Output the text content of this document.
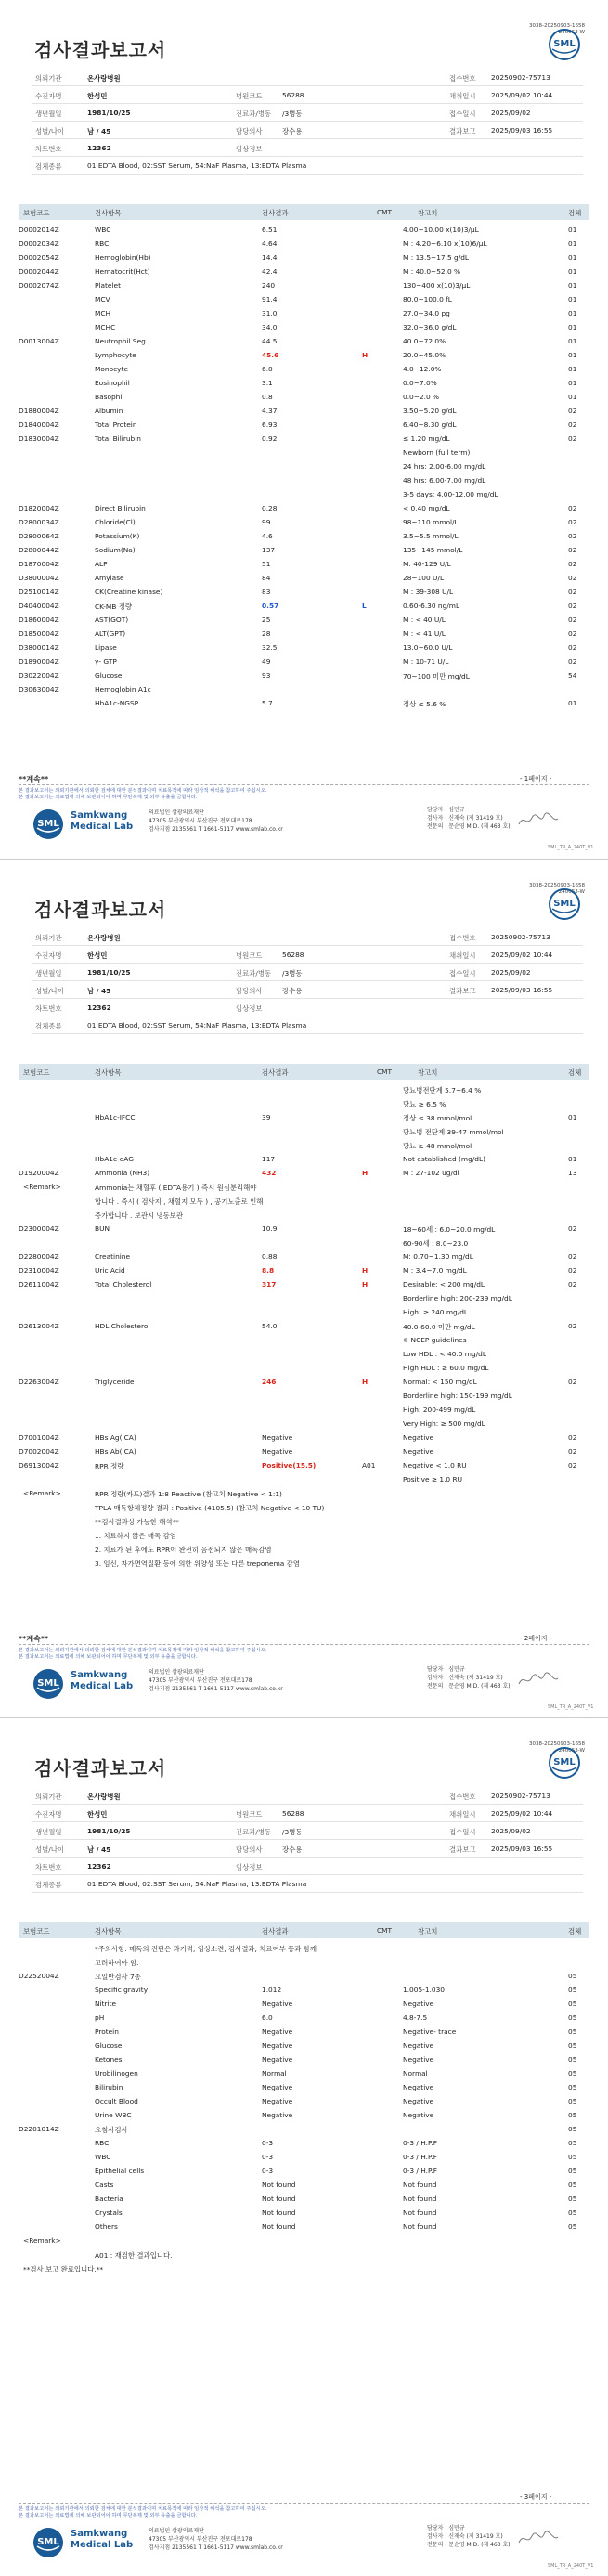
3038-20250903-1658
240053-W
SML
검사결과보고서
의뢰기관	온사랑병원	접수번호 20250902-75713
수진자명	한성민	병원코드	56288	채취일시 2025/09/02 10:44
생년월일	1981/10/25	진료과/병동 /3병동	접수일시 2025/09/02
성별/나이	남 / 45	담당의사	장수용	결과보고 2025/09/03 16:55
차트번호	12362	임상정보
검체종류	01:EDTA Blood, 02:SST Serum, 54:NaF Plasma, 13:EDTA Plasma
보험코드	검사항목	검사결과	CMT	참고치	검체
D0002014Z	WBC	6.51	4.00~10.00 x(10)3/μL	01
D0002034Z	RBC	4.64	M : 4.20~6.10 x(10)6/μL	01
D0002054Z	Hemoglobin(Hb)	14.4	M : 13.5~17.5 g/dL	01
D0002044Z	Hematocrit(Hct)	42.4	M : 40.0~52.0 %	01
D0002074Z	Platelet	240	130~400 x(10)3/μL	01
MCV	91.4	80.0~100.0 fL	01
MCH	31.0	27.0~34.0 pg	01
MCHC	34.0	32.0~36.0 g/dL	01
D0013004Z	Neutrophil Seg	44.5	40.0~72.0%	01
Lymphocyte	45.6	H	20.0~45.0%	01
Monocyte	6.0	4.0~12.0%	01
Eosinophil	3.1	0.0~7.0%	01
Basophil	0.8	0.0~2.0 %	01
D1880004Z	Albumin	4.37	3.50~5.20 g/dL	02
D1840004Z	Total Protein	6.93	6.40~8.30 g/dL	02
D1830004Z	Total Bilirubin	0.92	≤ 1.20 mg/dL	02
Newborn (full term)
24 hrs: 2.00-6.00 mg/dL
48 hrs: 6.00-7.00 mg/dL
3-5 days: 4.00-12.00 mg/dL
D1820004Z	Direct Bilirubin	0.28	< 0.40 mg/dL	02
D2800034Z	Chloride(Cl)	99	98~110 mmol/L	02
D2800064Z	Potassium(K)	4.6	3.5~5.5 mmol/L	02
D2800044Z	Sodium(Na)	137	135~145 mmol/L	02
D1870004Z	ALP	51	M: 40-129 U/L	02
D3800004Z	Amylase	84	28~100 U/L	02
D2510014Z	CK(Creatine kinase)	83	M : 39-308 U/L	02
D4040004Z	CK-MB 정량	0.57	L	0.60-6.30 ng/mL	02
D1860004Z	AST(GOT)	25	M : < 40 U/L	02
D1850004Z	ALT(GPT)	28	M : < 41 U/L	02
D3800014Z	Lipase	32.5	13.0~60.0 U/L	02
D1890004Z	γ- GTP	49	M : 10-71 U/L	02
D3022004Z	Glucose	93	70~100 미만 mg/dL	54
D3063004Z	Hemoglobin A1c
HbA1c-NGSP	5.7	정상 ≤ 5.6 %	01
**계속**	- 1페이지 -
본 결과보고서는 의뢰기관에서 의뢰한 검체에 대한 분석결과이며 치료목적에 따라 임상적 해석을 참고하여 주십시오.
본 결과보고서는 의료법에 의해 보관되어야 하며 무단복제 및 외부 유출을 금합니다.
SML
Samkwang
Medical Lab
의료법인 삼광의료재단
47305 부산광역시 부산진구 전포대로178
검사지점 2135561 T 1661-5117 www.smlab.co.kr
담당자 : 심민규
검사자 : 신재숙 (제 31419 호)
전문의 : 문순영 M.D. (제 463 호)
SML_TR_A_240T_V1
3038-20250903-1658
240053-W
SML
검사결과보고서
의뢰기관	온사랑병원	접수번호 20250902-75713
수진자명	한성민	병원코드	56288	채취일시 2025/09/02 10:44
생년월일	1981/10/25	진료과/병동 /3병동	접수일시 2025/09/02
성별/나이	남 / 45	담당의사	장수용	결과보고 2025/09/03 16:55
차트번호	12362	임상정보
검체종류	01:EDTA Blood, 02:SST Serum, 54:NaF Plasma, 13:EDTA Plasma
보험코드	검사항목	검사결과	CMT	참고치	검체
당뇨병전단계 5.7~6.4 %
당뇨 ≥ 6.5 %
HbA1c-IFCC	39	정상 ≤ 38 mmol/mol	01
당뇨병 전단계 39-47 mmol/mol
당뇨 ≥ 48 mmol/mol
HbA1c-eAG	117	Not established (mg/dL)	01
D1920004Z	Ammonia (NH3)	432	H	M : 27-102 ug/dl	13
<Remark>	Ammonia는 채혈후 ( EDTA용기 ) 즉시 원심분리해야
합니다 . 즉시 ( 검사지 , 채혈지 모두 ) , 공기노출로 인해
증가합니다 . 보관시 냉동보관
D2300004Z	BUN	10.9	18~60세 : 6.0~20.0 mg/dL	02
60-90세 : 8.0~23.0
D2280004Z	Creatinine	0.88	M: 0.70~1.30 mg/dL	02
D2310004Z	Uric Acid	8.8	H	M : 3.4~7.0 mg/dL	02
D2611004Z	Total Cholesterol	317	H	Desirable: < 200 mg/dL	02
Borderline high: 200-239 mg/dL
High: ≥ 240 mg/dL
D2613004Z	HDL Cholesterol	54.0	40.0-60.0 미만 mg/dL	02
※ NCEP guidelines
Low HDL : < 40.0 mg/dL
High HDL : ≥ 60.0 mg/dL
D2263004Z	Triglyceride	246	H	Normal: < 150 mg/dL	02
Borderline high: 150-199 mg/dL
High: 200-499 mg/dL
Very High: ≥ 500 mg/dL
D7001004Z	HBs Ag(ICA)	Negative	Negative	02
D7002004Z	HBs Ab(ICA)	Negative	Negative	02
D6913004Z	RPR 정량	Positive(15.5)	A01	Negative < 1.0 RU	02
Positive ≥ 1.0 RU
<Remark>	RPR 정량(카드)결과 1:8 Reactive (참고치 Negative < 1:1)
TPLA 매독항체정량 결과 : Positive (4105.5) (참고치 Negative < 10 TU)
**검사결과상 가능한 해석**
1. 치료하지 않은 매독 감염
2. 치료가 된 후에도 RPR이 완전히 음전되지 않은 매독감염
3. 임신, 자가면역질환 등에 의한 위양성 또는 다른 treponema 감염
**계속**	- 2페이지 -
본 결과보고서는 의뢰기관에서 의뢰한 검체에 대한 분석결과이며 치료목적에 따라 임상적 해석을 참고하여 주십시오.
본 결과보고서는 의료법에 의해 보관되어야 하며 무단복제 및 외부 유출을 금합니다.
SML
Samkwang
Medical Lab
의료법인 삼광의료재단
47305 부산광역시 부산진구 전포대로178
검사지점 2135561 T 1661-5117 www.smlab.co.kr
담당자 : 심민규
검사자 : 신재숙 (제 31419 호)
전문의 : 문순영 M.D. (제 463 호)
SML_TR_A_240T_V1
3038-20250903-1658
240053-W
SML
검사결과보고서
의뢰기관	온사랑병원	접수번호 20250902-75713
수진자명	한성민	병원코드	56288	채취일시 2025/09/02 10:44
생년월일	1981/10/25	진료과/병동 /3병동	접수일시 2025/09/02
성별/나이	남 / 45	담당의사	장수용	결과보고 2025/09/03 16:55
차트번호	12362	임상정보
검체종류	01:EDTA Blood, 02:SST Serum, 54:NaF Plasma, 13:EDTA Plasma
보험코드	검사항목	검사결과	CMT	참고치	검체
*주의사항: 매독의 진단은 과거력, 임상소견, 검사결과, 치료여부 등과 함께
고려하여야 함.
D2252004Z	요일반검사 7종	05
Specific gravity	1.012	1.005-1.030	05
Nitrite	Negative	Negative	05
pH	6.0	4.8-7.5	05
Protein	Negative	Negative- trace	05
Glucose	Negative	Negative	05
Ketones	Negative	Negative	05
Urobilinogen	Normal	Normal	05
Bilirubin	Negative	Negative	05
Occult Blood	Negative	Negative	05
Urine WBC	Negative	Negative	05
D2201014Z	요침사검사	05
RBC	0-3	0-3 / H.P.F	05
WBC	0-3	0-3 / H.P.F	05
Epithelial cells	0-3	0-3 / H.P.F	05
Casts	Not found	Not found	05
Bacteria	Not found	Not found	05
Crystals	Not found	Not found	05
Others	Not found	Not found	05
<Remark>
A01 : 재검한 결과입니다.
**검사 보고 완료입니다.**
- 3페이지 -
본 결과보고서는 의뢰기관에서 의뢰한 검체에 대한 분석결과이며 치료목적에 따라 임상적 해석을 참고하여 주십시오.
본 결과보고서는 의료법에 의해 보관되어야 하며 무단복제 및 외부 유출을 금합니다.
SML
Samkwang
Medical Lab
의료법인 삼광의료재단
47305 부산광역시 부산진구 전포대로178
검사지점 2135561 T 1661-5117 www.smlab.co.kr
담당자 : 심민규
검사자 : 신재숙 (제 31419 호)
전문의 : 문순영 M.D. (제 463 호)
SML_TR_A_240T_V1
